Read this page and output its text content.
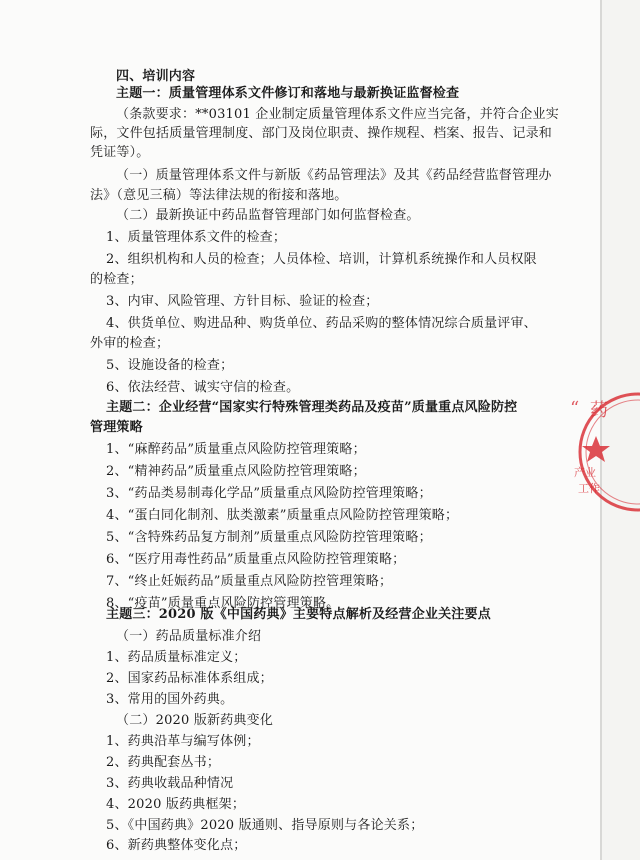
四、培训内容
主题一：质量管理体系文件修订和落地与最新换证监督检查
（条款要求：**03101 企业制定质量管理体系文件应当完备，并符合企业实
际，文件包括质量管理制度、部门及岗位职责、操作规程、档案、报告、记录和
凭证等）。
（一）质量管理体系文件与新版《药品管理法》及其《药品经营监督管理办
法》（意见三稿）等法律法规的衔接和落地。
（二）最新换证中药品监督管理部门如何监督检查。
1、质量管理体系文件的检查；
2、组织机构和人员的检查；人员体检、培训，计算机系统操作和人员权限
的检查；
3、内审、风险管理、方针目标、验证的检查；
4、供货单位、购进品种、购货单位、药品采购的整体情况综合质量评审、
外审的检查；
5、设施设备的检查；
6、依法经营、诚实守信的检查。
主题二：企业经营“国家实行特殊管理类药品及疫苗”质量重点风险防控
管理策略
1、“麻醉药品”质量重点风险防控管理策略；
2、“精神药品”质量重点风险防控管理策略；
3、“药品类易制毒化学品”质量重点风险防控管理策略；
4、“蛋白同化制剂、肽类激素”质量重点风险防控管理策略；
5、“含特殊药品复方制剂”质量重点风险防控管理策略；
6、“医疗用毒性药品”质量重点风险防控管理策略；
7、“终止妊娠药品”质量重点风险防控管理策略；
8、“疫苗”质量重点风险防控管理策略。
主题三：2020 版《中国药典》主要特点解析及经营企业关注要点
（一）药品质量标准介绍
1、药品质量标准定义；
2、国家药品标准体系组成；
3、常用的国外药典。
（二）2020 版新药典变化
1、药典沿革与编写体例；
2、药典配套丛书；
3、药典收载品种情况
4、2020 版药典框架；
5、《中国药典》2020 版通则、指导原则与各论关系；
6、新药典整体变化点；
“ 药
产业
工作
